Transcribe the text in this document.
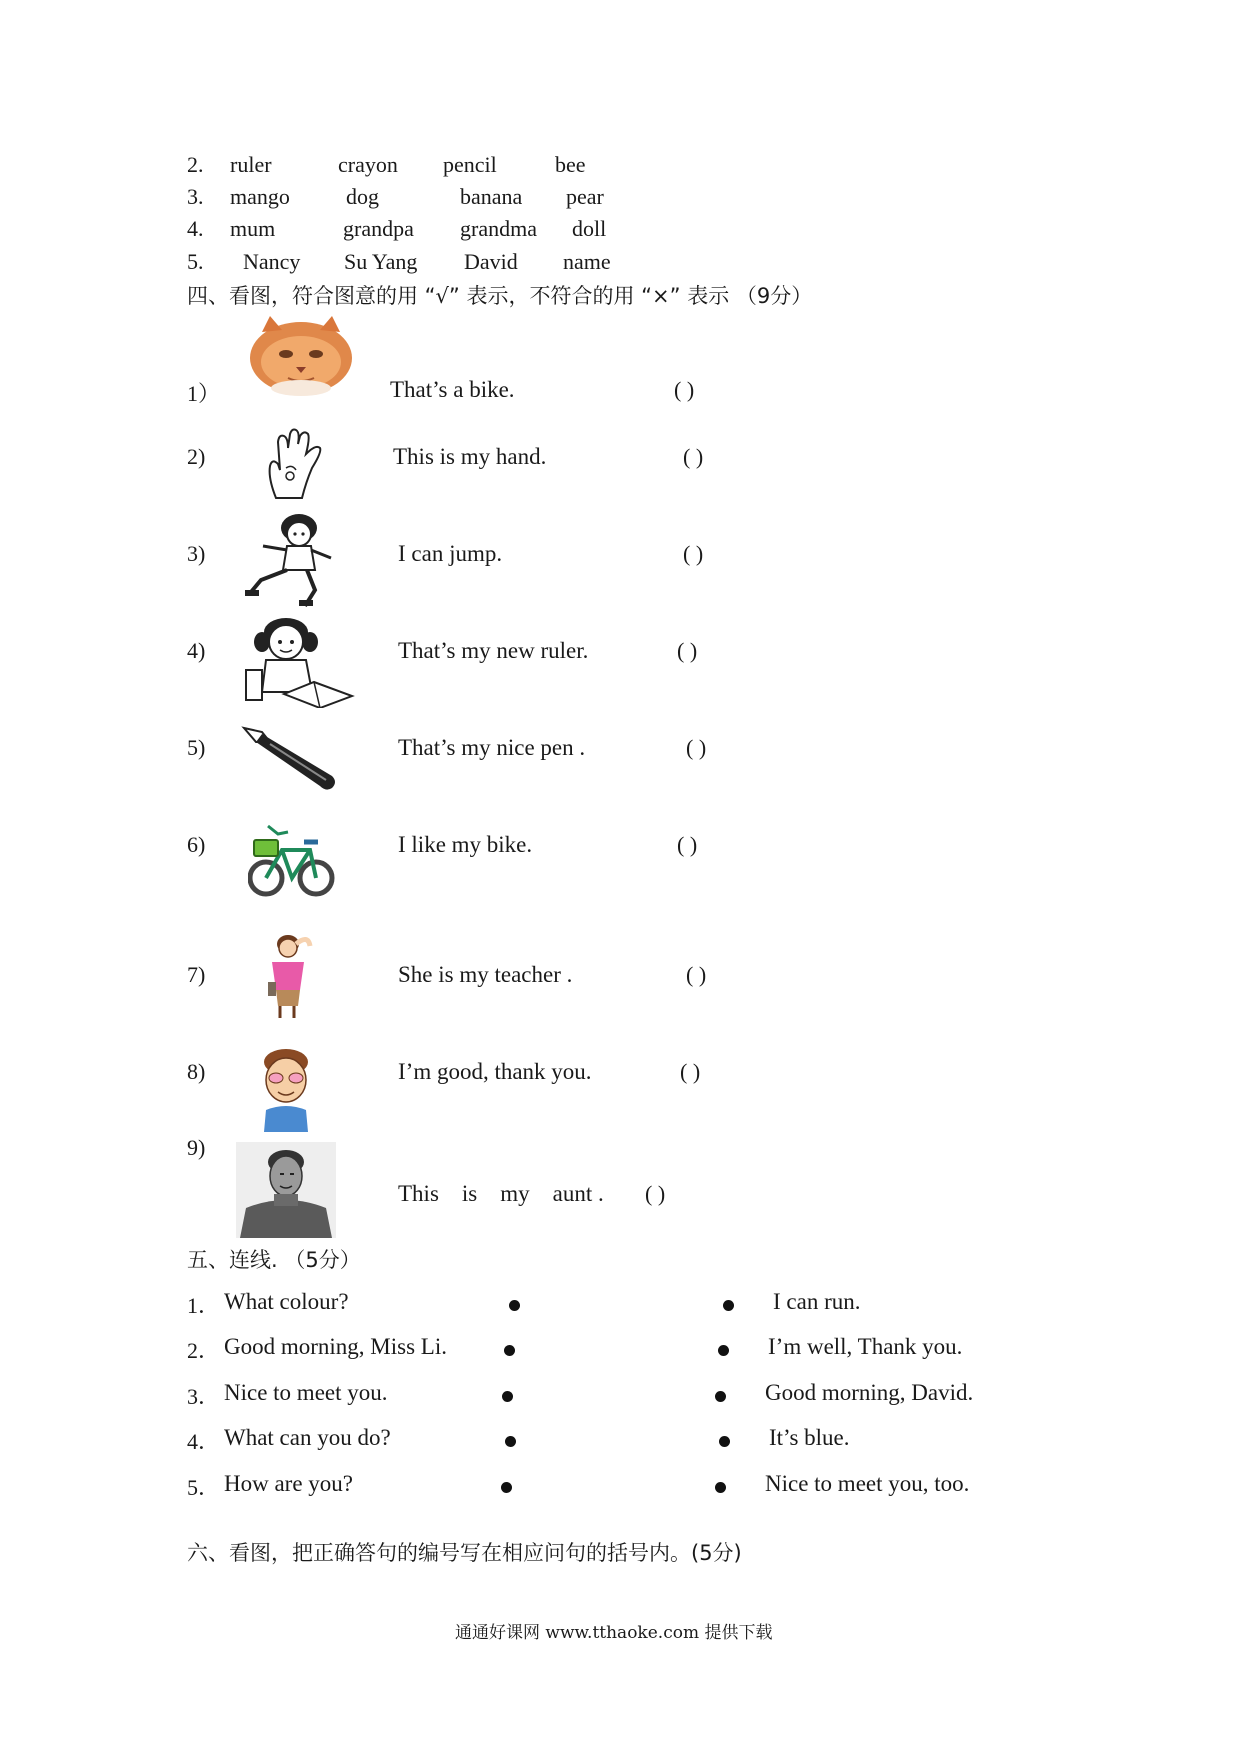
2. ruler	crayon pencil	bee
3. mango	dog	banana pear
4. mum	grandpa grandma doll
5. Nancy Su Yang David name
四、看图，符合图意的用 “√” 表示，不符合的用 “×” 表示 （9分）
1）	That’s a bike.	( )
2)	This is my hand.	( )
3)	I can jump.	( )
4)	That’s my new ruler.	( )
5)	That’s my nice pen .	( )
6)	I like my bike.	( )
7)	She is my teacher .	( )
8)	I’m good, thank you.	( )
9)
This    is    my    aunt . ( )
五、连线. （5分）
1． What colour?	I can run.
2． Good morning, Miss Li.	I’m well, Thank you.
3． Nice to meet you.	Good morning, David.
4． What can you do?	It’s blue.
5． How are you?	Nice to meet you, too.
六、看图，把正确答句的编号写在相应问句的括号内。(5分)
通通好课网 www.tthaoke.com 提供下载
